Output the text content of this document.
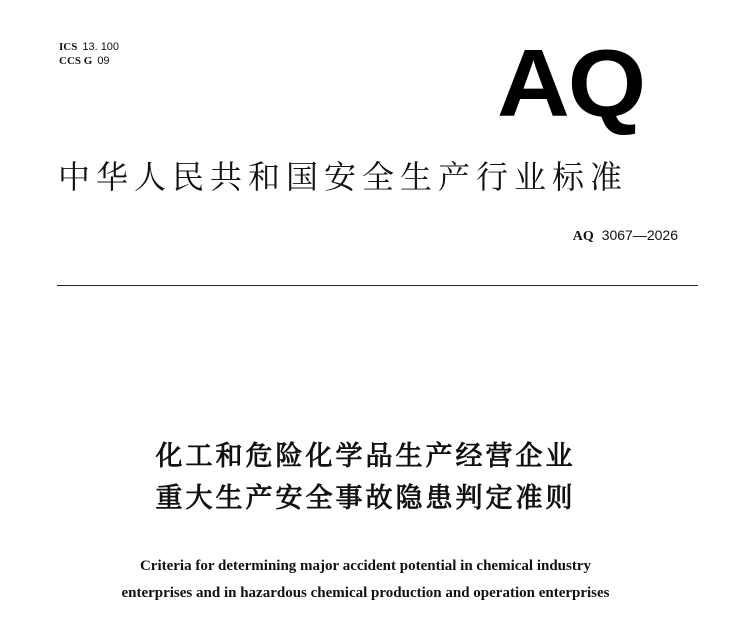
ICS 13. 100
CCS G 09	AQ
中华人民共和国安全生产行业标准
AQ 3067—2026
化工和危险化学品生产经营企业
重大生产安全事故隐患判定准则
Criteria for determining major accident potential in chemical industry
enterprises and in hazardous chemical production and operation enterprises
